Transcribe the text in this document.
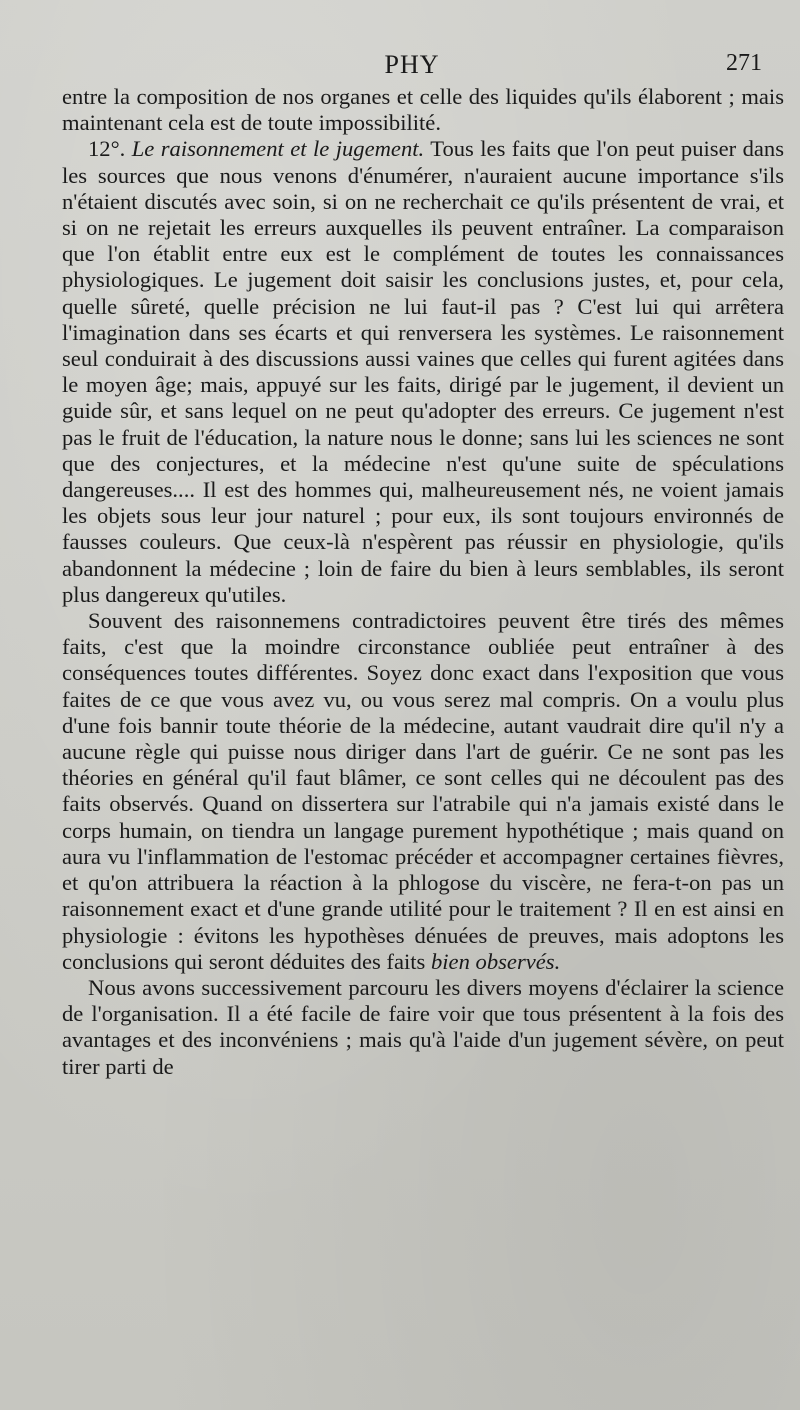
PHY	271

entre la composition de nos organes et celle des liquides qu'ils élaborent ; mais maintenant cela est de toute impossibilité.

12°. Le raisonnement et le jugement. Tous les faits que l'on peut puiser dans les sources que nous venons d'énumérer, n'auraient aucune importance s'ils n'étaient discutés avec soin, si on ne recherchait ce qu'ils présentent de vrai, et si on ne rejetait les erreurs auxquelles ils peuvent entraîner. La comparaison que l'on établit entre eux est le complément de toutes les connaissances physiologiques. Le jugement doit saisir les conclusions justes, et, pour cela, quelle sûreté, quelle précision ne lui faut-il pas ? C'est lui qui arrêtera l'imagination dans ses écarts et qui renversera les systèmes. Le raisonnement seul conduirait à des discussions aussi vaines que celles qui furent agitées dans le moyen âge; mais, appuyé sur les faits, dirigé par le jugement, il devient un guide sûr, et sans lequel on ne peut qu'adopter des erreurs. Ce jugement n'est pas le fruit de l'éducation, la nature nous le donne; sans lui les sciences ne sont que des conjectures, et la médecine n'est qu'une suite de spéculations dangereuses.... Il est des hommes qui, malheureusement nés, ne voient jamais les objets sous leur jour naturel ; pour eux, ils sont toujours environnés de fausses couleurs. Que ceux-là n'espèrent pas réussir en physiologie, qu'ils abandonnent la médecine ; loin de faire du bien à leurs semblables, ils seront plus dangereux qu'utiles.

Souvent des raisonnemens contradictoires peuvent être tirés des mêmes faits, c'est que la moindre circonstance oubliée peut entraîner à des conséquences toutes différentes. Soyez donc exact dans l'exposition que vous faites de ce que vous avez vu, ou vous serez mal compris. On a voulu plus d'une fois bannir toute théorie de la médecine, autant vaudrait dire qu'il n'y a aucune règle qui puisse nous diriger dans l'art de guérir. Ce ne sont pas les théories en général qu'il faut blâmer, ce sont celles qui ne découlent pas des faits observés. Quand on dissertera sur l'atrabile qui n'a jamais existé dans le corps humain, on tiendra un langage purement hypothétique ; mais quand on aura vu l'inflammation de l'estomac précéder et accompagner certaines fièvres, et qu'on attribuera la réaction à la phlogose du viscère, ne fera-t-on pas un raisonnement exact et d'une grande utilité pour le traitement ? Il en est ainsi en physiologie : évitons les hypothèses dénuées de preuves, mais adoptons les conclusions qui seront déduites des faits bien observés.

Nous avons successivement parcouru les divers moyens d'éclairer la science de l'organisation. Il a été facile de faire voir que tous présentent à la fois des avantages et des inconvéniens ; mais qu'à l'aide d'un jugement sévère, on peut tirer parti de
